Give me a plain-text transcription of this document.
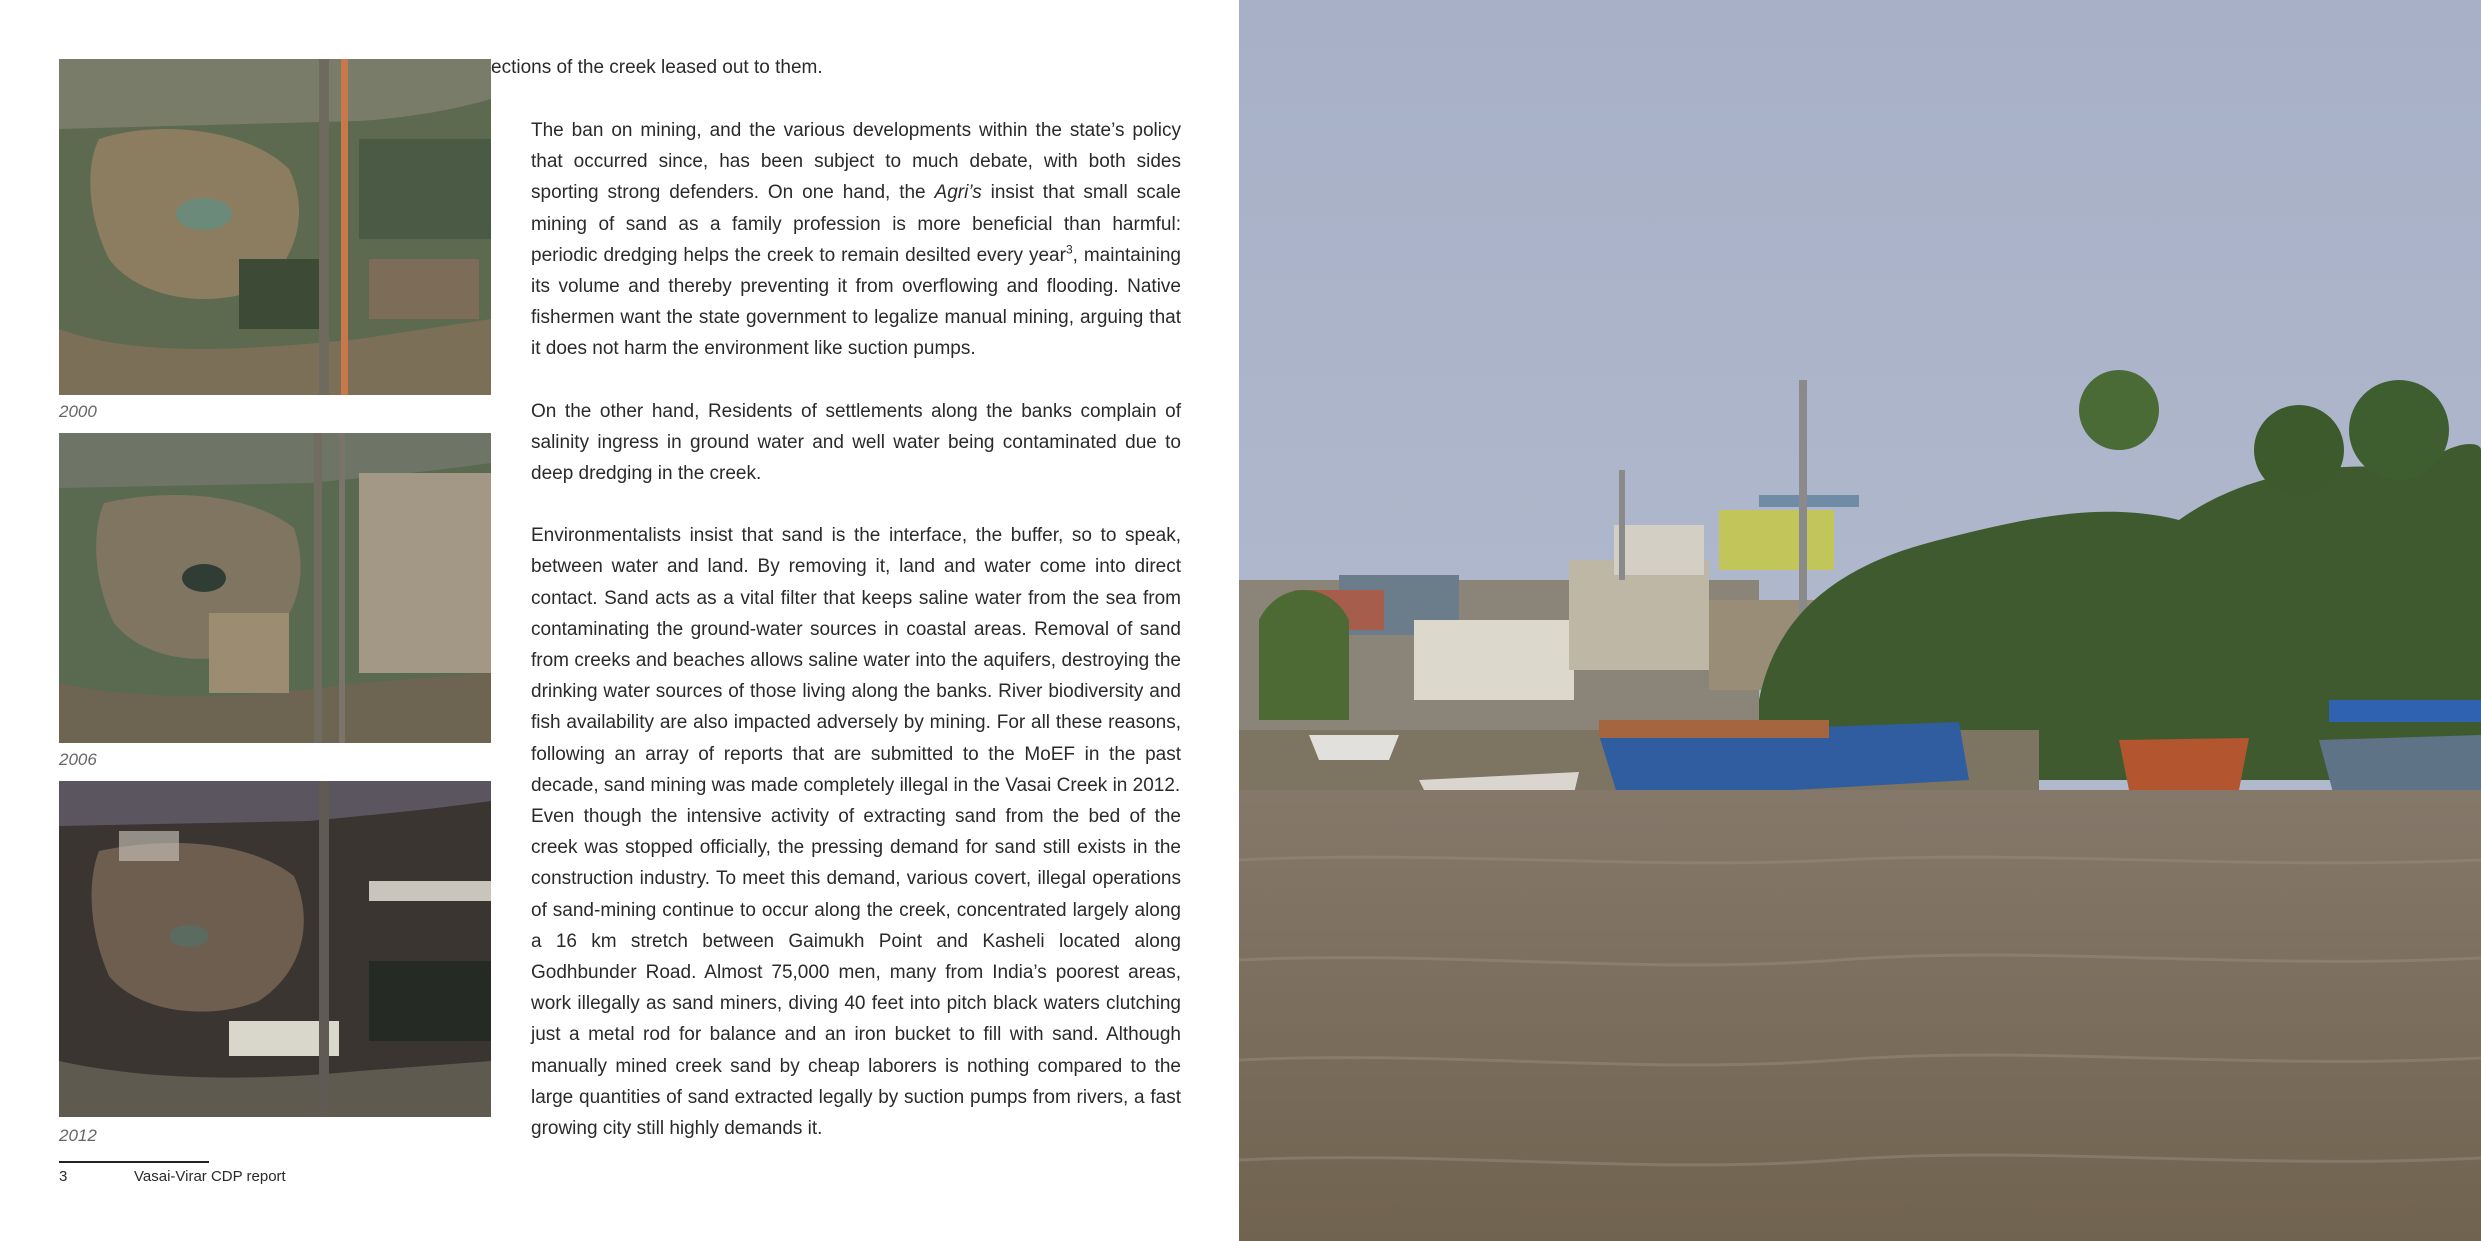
2000
2006
2012
ections of the creek leased out to them.

The ban on mining, and the various developments within the state’s policy that occurred since, has been subject to much debate, with both sides sporting strong defenders. On one hand, the Agri’s insist that small scale mining of sand as a family profession is more beneficial than harmful: periodic dredging helps the creek to remain desilted every year$^3$, maintaining its volume and thereby preventing it from overflowing and flooding. Native fishermen want the state government to legalize manual mining, arguing that it does not harm the environment like suction pumps.

On the other hand, Residents of settlements along the banks complain of salinity ingress in ground water and well water being contaminated due to deep dredging in the creek.

Environmentalists insist that sand is the interface, the buffer, so to speak, between water and land. By removing it, land and water come into direct contact. Sand acts as a vital filter that keeps saline water from the sea from contaminating the ground-water sources in coastal areas. Removal of sand from creeks and beaches allows saline water into the aquifers, destroying the drinking water sources of those living along the banks. River biodiversity and fish availability are also impacted adversely by mining. For all these reasons, following an array of reports that are submitted to the MoEF in the past decade, sand mining was made completely illegal in the Vasai Creek in 2012.

Even though the intensive activity of extracting sand from the bed of the creek was stopped officially, the pressing demand for sand still exists in the construction industry. To meet this demand, various covert, illegal operations of sand-mining continue to occur along the creek, concentrated largely along a 16 km stretch between Gaimukh Point and Kasheli located along Godhbunder Road. Almost 75,000 men, many from India’s poorest areas, work illegally as sand miners, diving 40 feet into pitch black waters clutching just a metal rod for balance and an iron bucket to fill with sand. Although manually mined creek sand by cheap laborers is nothing compared to the large quantities of sand extracted legally by suction pumps from rivers, a fast growing city still highly demands it.

3	Vasai-Virar CDP report
